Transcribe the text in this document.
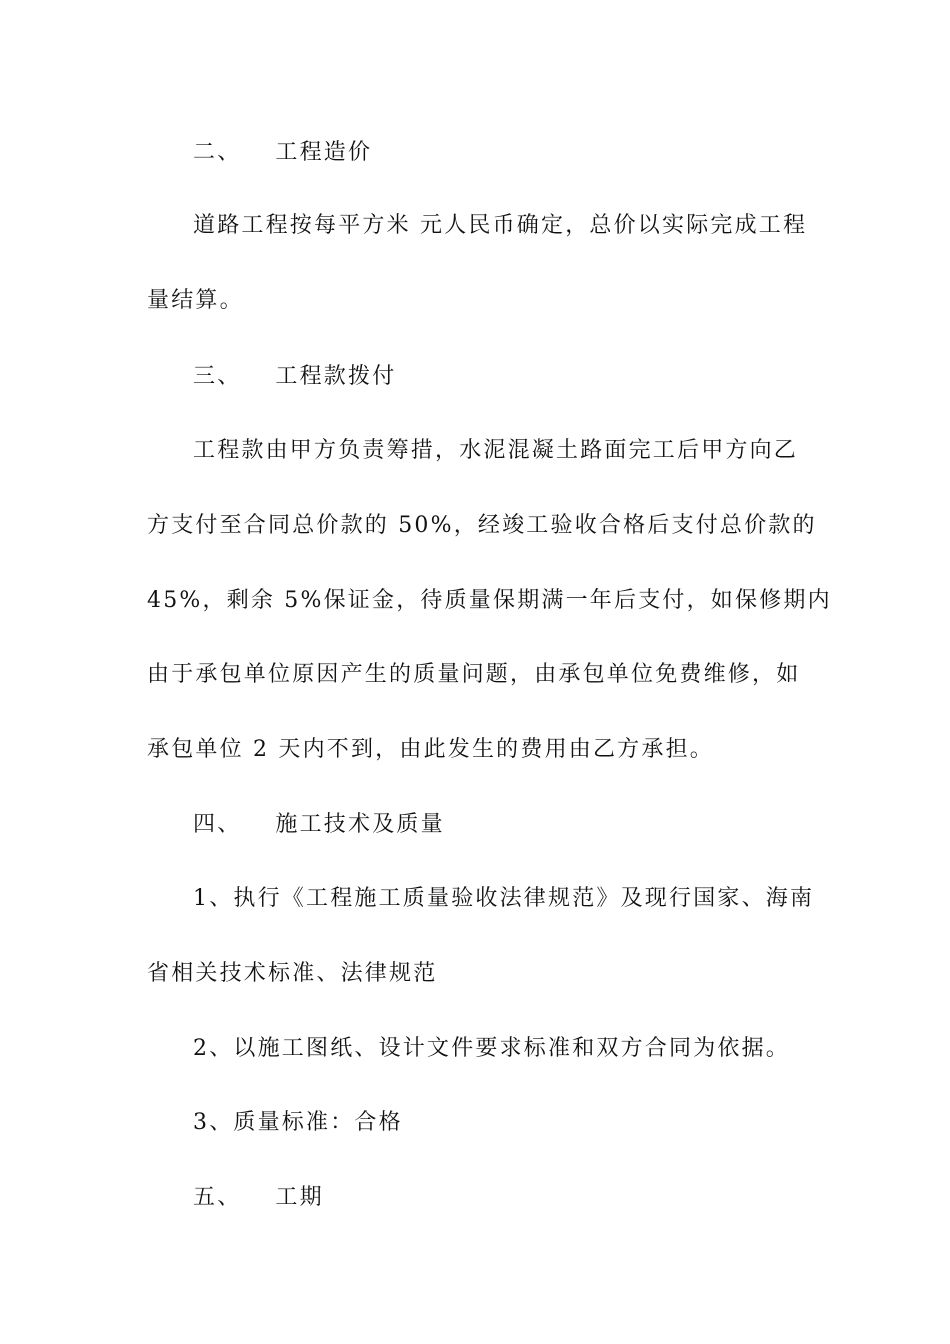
二、 工程造价
道路工程按每平方米 元人民币确定，总价以实际完成工程
量结算。
三、 工程款拨付
工程款由甲方负责筹措，水泥混凝土路面完工后甲方向乙
方支付至合同总价款的 50%，经竣工验收合格后支付总价款的
45%，剩余 5%保证金，待质量保期满一年后支付，如保修期内
由于承包单位原因产生的质量问题，由承包单位免费维修，如
承包单位 2 天内不到，由此发生的费用由乙方承担。
四、 施工技术及质量
1、执行《工程施工质量验收法律规范》及现行国家、海南
省相关技术标准、法律规范
2、以施工图纸、设计文件要求标准和双方合同为依据。
3、质量标准：合格
五、 工期
